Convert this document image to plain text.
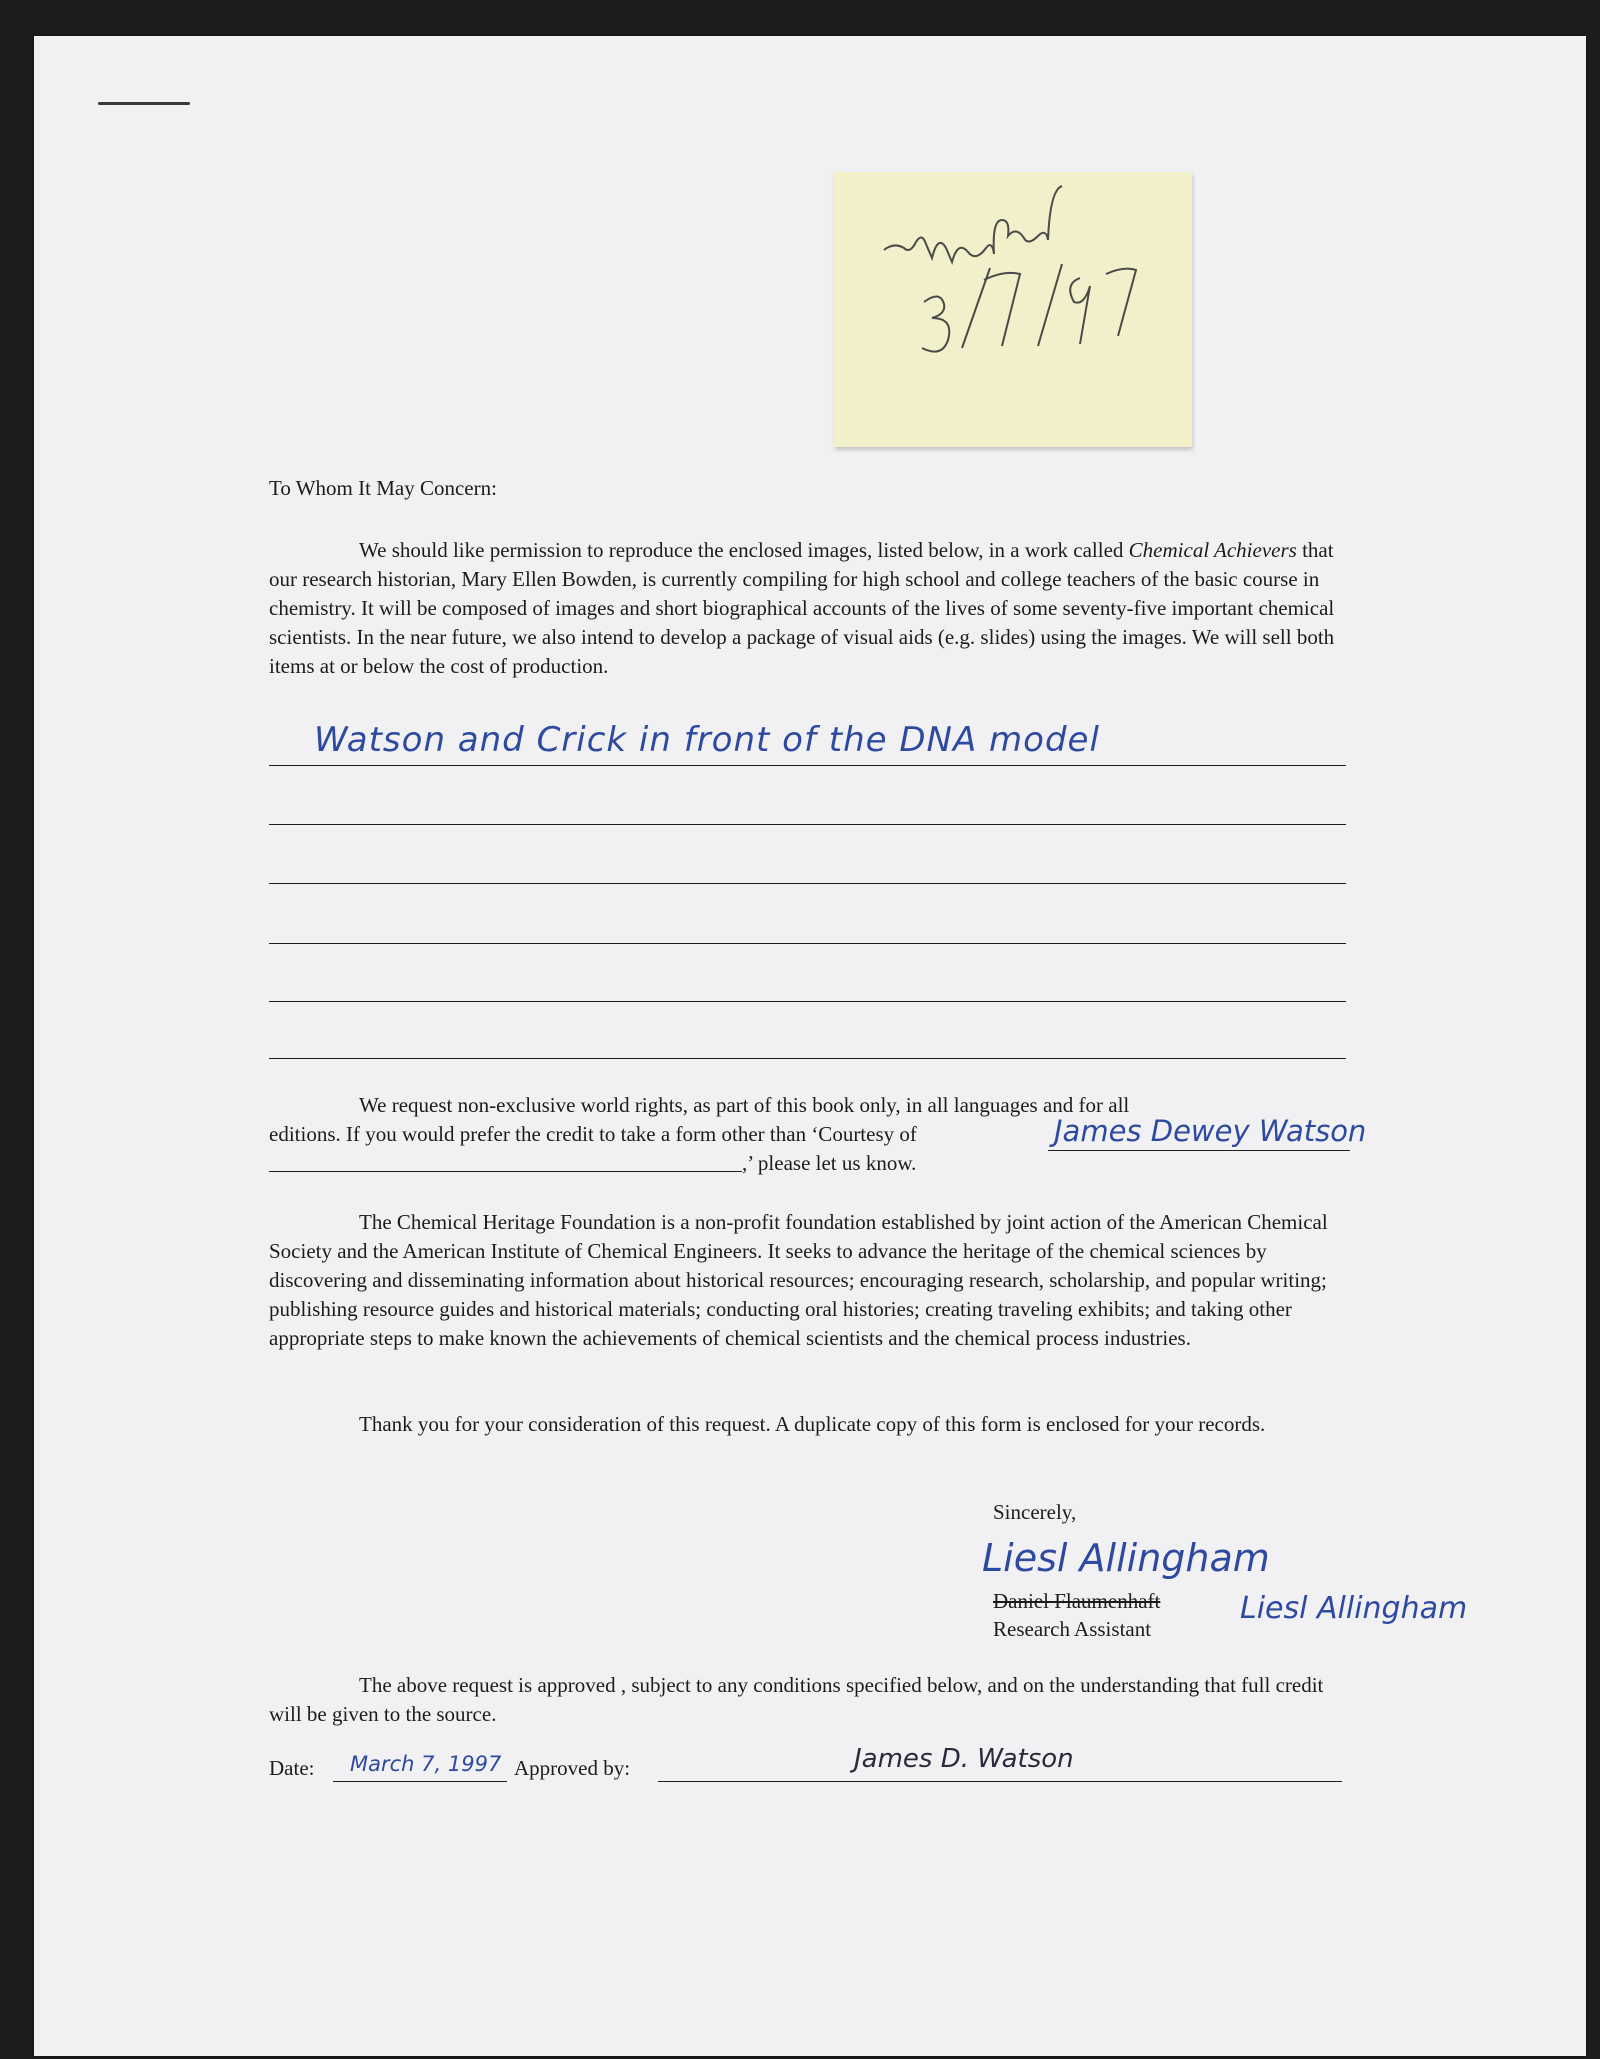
To Whom It May Concern:
We should like permission to reproduce the enclosed images, listed below, in a work called Chemical Achievers that our research historian, Mary Ellen Bowden, is currently compiling for high school and college teachers of the basic course in chemistry. It will be composed of images and short biographical accounts of the lives of some seventy-five important chemical scientists. In the near future, we also intend to develop a package of visual aids (e.g. slides) using the images. We will sell both items at or below the cost of production.
Watson and Crick in front of the DNA model
We request non-exclusive world rights, as part of this book only, in all languages and for all
editions. If you would prefer the credit to take a form other than ‘Courtesy of	James Dewey Watson
,’ please let us know.
The Chemical Heritage Foundation is a non-profit foundation established by joint action of the American Chemical Society and the American Institute of Chemical Engineers. It seeks to advance the heritage of the chemical sciences by discovering and disseminating information about historical resources; encouraging research, scholarship, and popular writing; publishing resource guides and historical materials; conducting oral histories; creating traveling exhibits; and taking other appropriate steps to make known the achievements of chemical scientists and the chemical process industries.
Thank you for your consideration of this request. A duplicate copy of this form is enclosed for your records.
Sincerely,
Liesl Allingham
Daniel Flaumenhaft	Liesl Allingham
Research Assistant
The above request is approved , subject to any conditions specified below, and on the understanding that full credit will be given to the source.
Date:	March 7, 1997 Approved by:	James D. Watson
